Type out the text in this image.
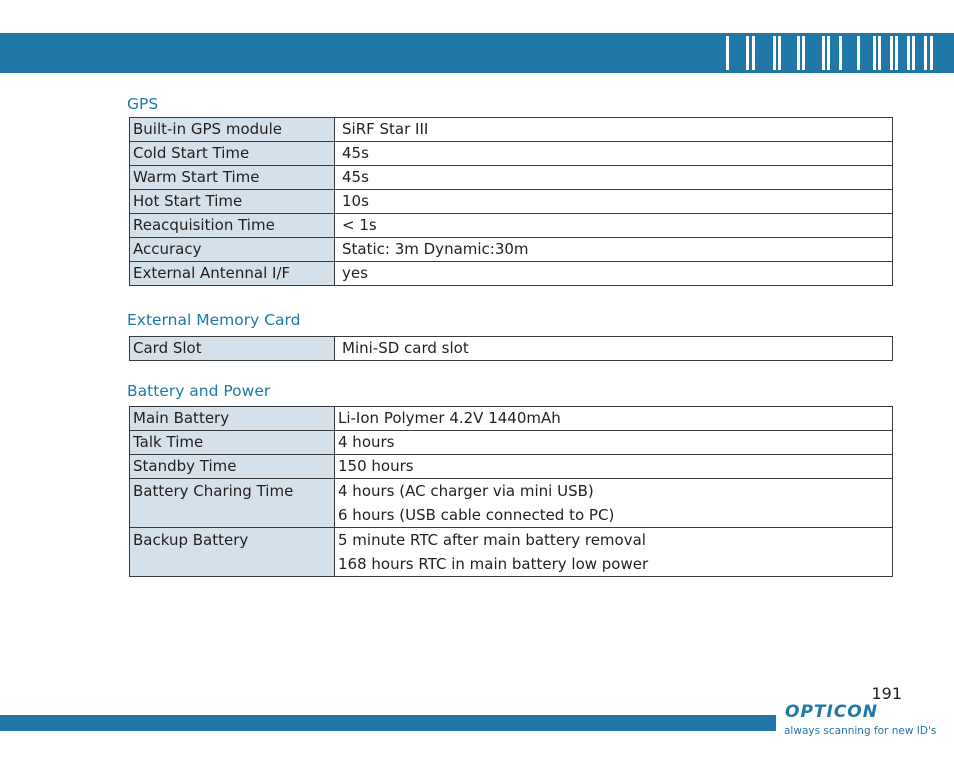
GPS
Built-in GPS module	SiRF Star III
Cold Start Time	45s
Warm Start Time	45s
Hot Start Time	10s
Reacquisition Time	< 1s
Accuracy	Static: 3m Dynamic:30m
External Antennal I/F	yes
External Memory Card
Card Slot	Mini-SD card slot
Battery and Power
Main Battery	Li-Ion Polymer 4.2V 1440mAh
Talk Time	4 hours
Standby Time	150 hours
Battery Charing Time	4 hours (AC charger via mini USB)
6 hours (USB cable connected to PC)

Backup Battery	5 minute RTC after main battery removal
168 hours RTC in main battery low power
191
OPTICON
always scanning for new ID's
